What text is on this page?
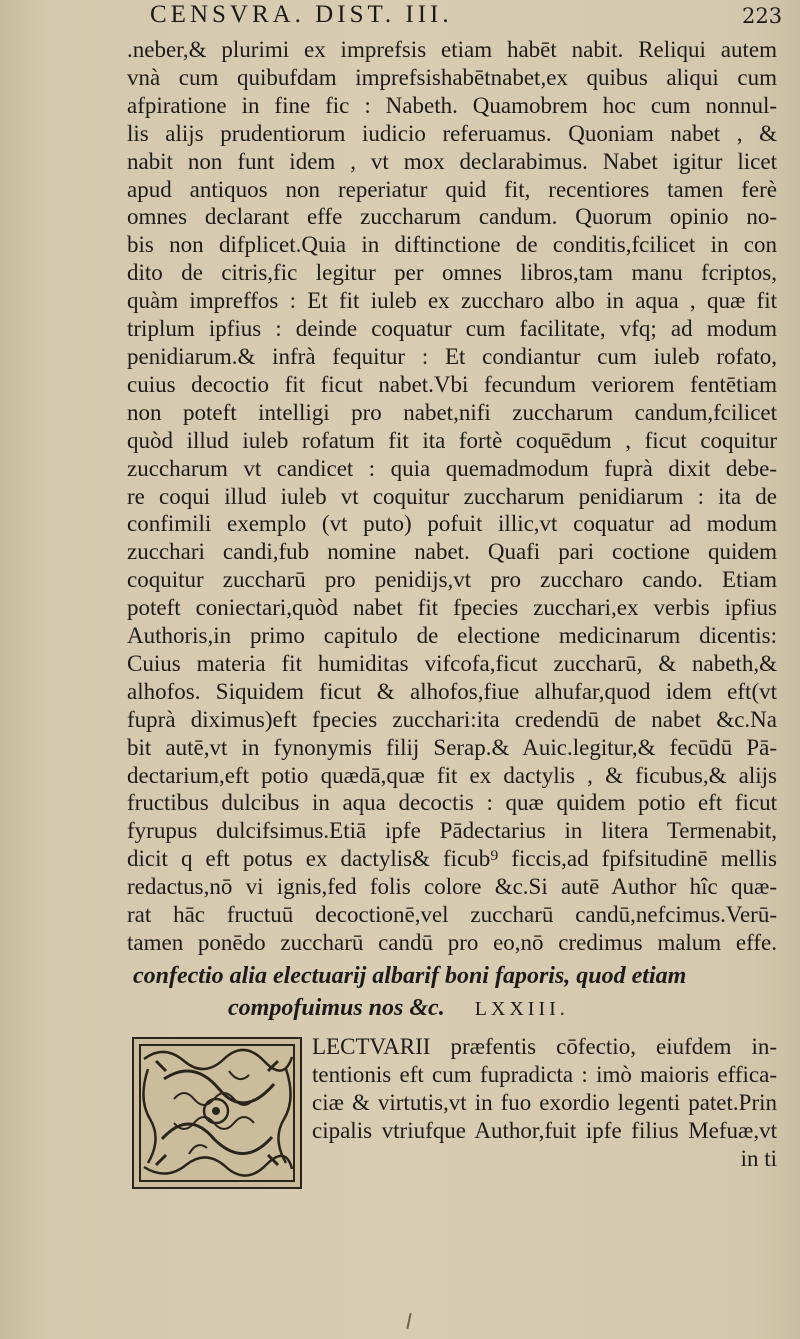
CENSVRA. DIST. III.	223
.neber,& plurimi ex imprefsis etiam habēt nabit. Reliqui autem
vnà cum quibufdam imprefsishabētnabet,ex quibus aliqui cum
afpiratione in fine fic : Nabeth. Quamobrem hoc cum nonnul-
lis alijs prudentiorum iudicio referuamus. Quoniam nabet , &
nabit non funt idem , vt mox declarabimus. Nabet igitur licet
apud antiquos non reperiatur quid fit, recentiores tamen ferè
omnes declarant effe zuccharum candum. Quorum opinio no-
bis non difplicet.Quia in diftinctione de conditis,fcilicet in con
dito de citris,fic legitur per omnes libros,tam manu fcriptos,
quàm impreffos : Et fit iuleb ex zuccharo albo in aqua , quæ fit
triplum ipfius : deinde coquatur cum facilitate, vfq; ad modum
penidiarum.& infrà fequitur : Et condiantur cum iuleb rofato,
cuius decoctio fit ficut nabet.Vbi fecundum veriorem fentētiam
non poteft intelligi pro nabet,nifi zuccharum candum,fcilicet
quòd illud iuleb rofatum fit ita fortè coquēdum , ficut coquitur
zuccharum vt candicet : quia quemadmodum fuprà dixit debe-
re coqui illud iuleb vt coquitur zuccharum penidiarum : ita de
confimili exemplo (vt puto) pofuit illic,vt coquatur ad modum
zucchari candi,fub nomine nabet. Quafi pari coctione quidem
coquitur zuccharū pro penidijs,vt pro zuccharo cando. Etiam
poteft coniectari,quòd nabet fit fpecies zucchari,ex verbis ipfius
Authoris,in primo capitulo de electione medicinarum dicentis:
Cuius materia fit humiditas vifcofa,ficut zuccharū, & nabeth,&
alhofos. Siquidem ficut & alhofos,fiue alhufar,quod idem eft(vt
fuprà diximus)eft fpecies zucchari:ita credendū de nabet &c.Na
bit autē,vt in fynonymis filij Serap.& Auic.legitur,& fecūdū Pā-
dectarium,eft potio quædā,quæ fit ex dactylis , & ficubus,& alijs
fructibus dulcibus in aqua decoctis : quæ quidem potio eft ficut
fyrupus dulcifsimus.Etiā ipfe Pādectarius in litera Termenabit,
dicit q eft potus ex dactylis& ficub⁹ ficcis,ad fpifsitudinē mellis
redactus,nō vi ignis,fed folis colore &c.Si autē Author hîc quæ-
rat hāc fructuū decoctionē,vel zuccharū candū,nefcimus.Verū-
tamen ponēdo zuccharū candū pro eo,nō credimus malum effe.
confectio alia electuarij albarif boni faporis, quod etiam
compofuimus nos &c. LXXIII.
LECTVARII præfentis cōfectio, eiufdem in-
tentionis eft cum fupradicta : imò maioris effica-
ciæ & virtutis,vt in fuo exordio legenti patet.Prin
cipalis vtriufque Author,fuit ipfe filius Mefuæ,vt
in ti
